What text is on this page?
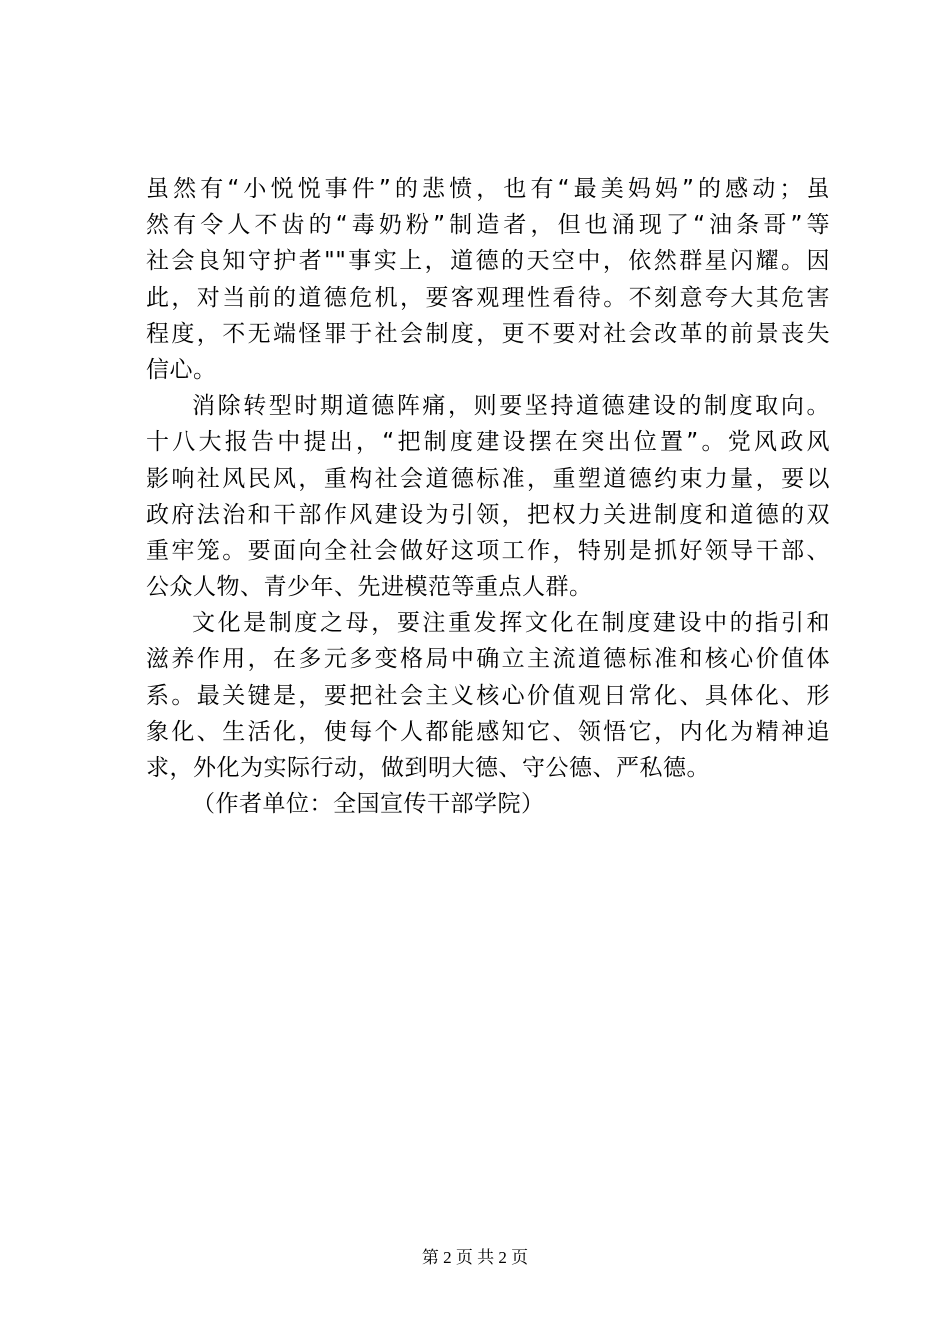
虽然有“小悦悦事件”的悲愤，也有“最美妈妈”的感动；虽
然有令人不齿的“毒奶粉”制造者，但也涌现了“油条哥”等
社会良知守护者""事实上，道德的天空中，依然群星闪耀。因
此，对当前的道德危机，要客观理性看待。不刻意夸大其危害
程度，不无端怪罪于社会制度，更不要对社会改革的前景丧失
信心。
消除转型时期道德阵痛，则要坚持道德建设的制度取向。
十八大报告中提出，“把制度建设摆在突出位置”。党风政风
影响社风民风，重构社会道德标准，重塑道德约束力量，要以
政府法治和干部作风建设为引领，把权力关进制度和道德的双
重牢笼。要面向全社会做好这项工作，特别是抓好领导干部、
公众人物、青少年、先进模范等重点人群。
文化是制度之母，要注重发挥文化在制度建设中的指引和
滋养作用，在多元多变格局中确立主流道德标准和核心价值体
系。最关键是，要把社会主义核心价值观日常化、具体化、形
象化、生活化，使每个人都能感知它、领悟它，内化为精神追
求，外化为实际行动，做到明大德、守公德、严私德。
（作者单位：全国宣传干部学院）
第 2 页 共 2 页
